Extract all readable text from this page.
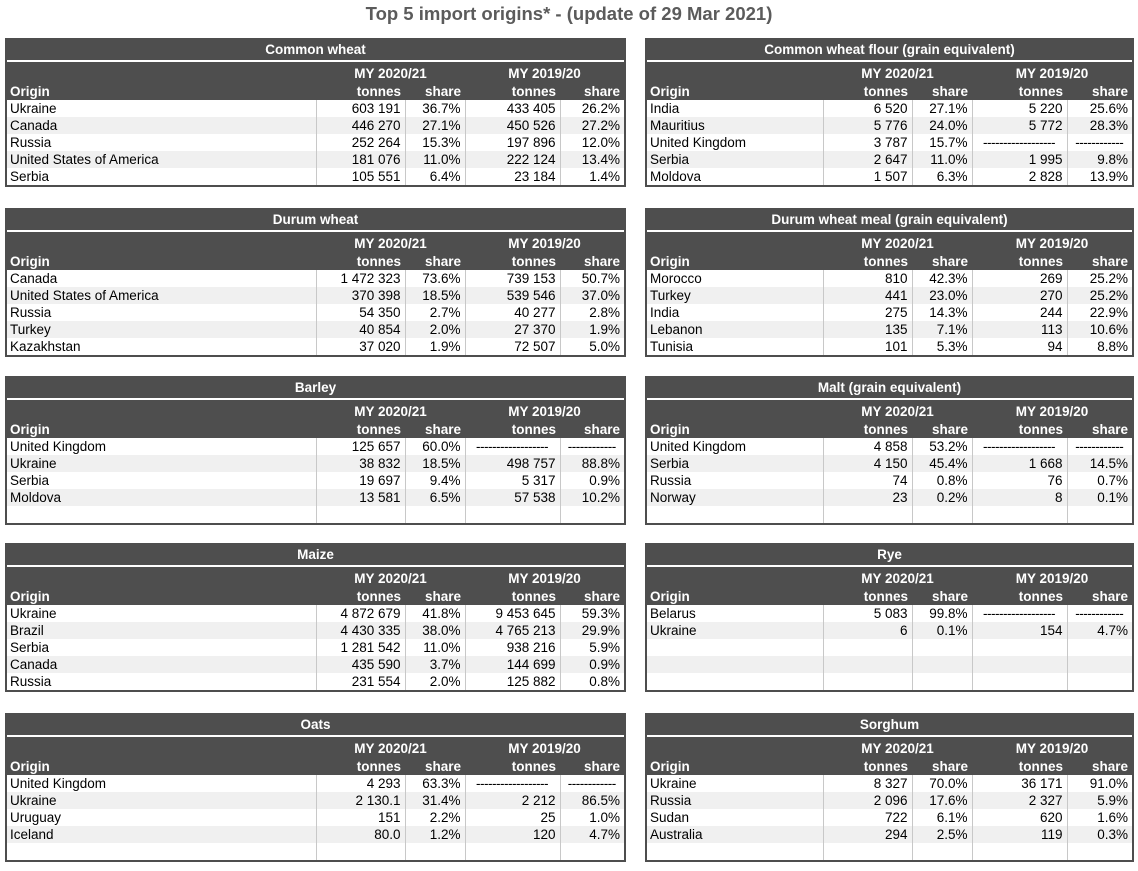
Top 5 import origins* - (update of 29 Mar 2021)
Common wheat
	MY 2020/21		MY 2019/20	
Origin	tonnes	share	tonnes	share
Ukraine	603 191	36.7%	433 405	26.2%
Canada	446 270	27.1%	450 526	27.2%
Russia	252 264	15.3%	197 896	12.0%
United States of America	181 076	11.0%	222 124	13.4%
Serbia	105 551	6.4%	23 184	1.4%
Common wheat flour (grain equivalent)
	MY 2020/21		MY 2019/20	
Origin	tonnes	share	tonnes	share
India	6 520	27.1%	5 220	25.6%
Mauritius	5 776	24.0%	5 772	28.3%
United Kingdom	3 787	15.7%	------------------	------------
Serbia	2 647	11.0%	1 995	9.8%
Moldova	1 507	6.3%	2 828	13.9%
Durum wheat
	MY 2020/21		MY 2019/20	
Origin	tonnes	share	tonnes	share
Canada	1 472 323	73.6%	739 153	50.7%
United States of America	370 398	18.5%	539 546	37.0%
Russia	54 350	2.7%	40 277	2.8%
Turkey	40 854	2.0%	27 370	1.9%
Kazakhstan	37 020	1.9%	72 507	5.0%
Durum wheat meal (grain equivalent)
	MY 2020/21		MY 2019/20	
Origin	tonnes	share	tonnes	share
Morocco	810	42.3%	269	25.2%
Turkey	441	23.0%	270	25.2%
India	275	14.3%	244	22.9%
Lebanon	135	7.1%	113	10.6%
Tunisia	101	5.3%	94	8.8%
Barley
	MY 2020/21		MY 2019/20	
Origin	tonnes	share	tonnes	share
United Kingdom	125 657	60.0%	------------------	------------
Ukraine	38 832	18.5%	498 757	88.8%
Serbia	19 697	9.4%	5 317	0.9%
Moldova	13 581	6.5%	57 538	10.2%

Malt (grain equivalent)
	MY 2020/21		MY 2019/20	
Origin	tonnes	share	tonnes	share
United Kingdom	4 858	53.2%	------------------	------------
Serbia	4 150	45.4%	1 668	14.5%
Russia	74	0.8%	76	0.7%
Norway	23	0.2%	8	0.1%

Maize
	MY 2020/21		MY 2019/20	
Origin	tonnes	share	tonnes	share
Ukraine	4 872 679	41.8%	9 453 645	59.3%
Brazil	4 430 335	38.0%	4 765 213	29.9%
Serbia	1 281 542	11.0%	938 216	5.9%
Canada	435 590	3.7%	144 699	0.9%
Russia	231 554	2.0%	125 882	0.8%
Rye
	MY 2020/21		MY 2019/20	
Origin	tonnes	share	tonnes	share
Belarus	5 083	99.8%	------------------	------------
Ukraine	6	0.1%	154	4.7%

Oats
	MY 2020/21		MY 2019/20	
Origin	tonnes	share	tonnes	share
United Kingdom	4 293	63.3%	------------------	------------
Ukraine	2 130.1	31.4%	2 212	86.5%
Uruguay	151	2.2%	25	1.0%
Iceland	80.0	1.2%	120	4.7%

Sorghum
	MY 2020/21		MY 2019/20	
Origin	tonnes	share	tonnes	share
Ukraine	8 327	70.0%	36 171	91.0%
Russia	2 096	17.6%	2 327	5.9%
Sudan	722	6.1%	620	1.6%
Australia	294	2.5%	119	0.3%
